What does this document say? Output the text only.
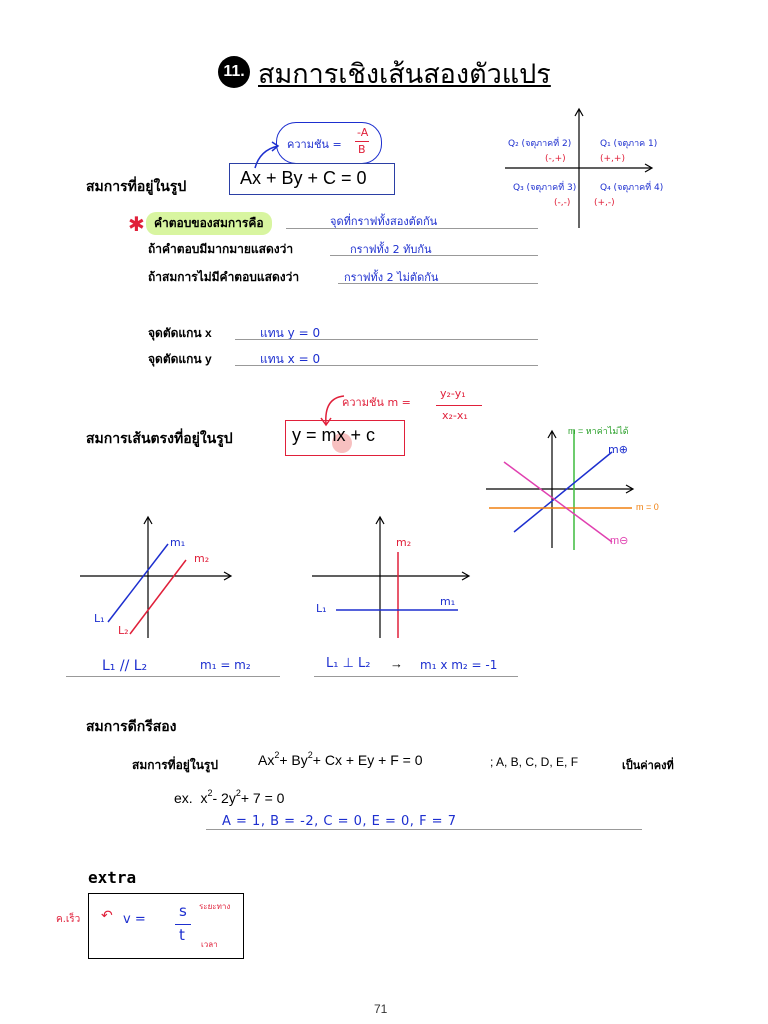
11. สมการเชิงเส้นสองตัวแปร
ความชัน =
-A
B
สมการที่อยู่ในรูป	Ax + By + C = 0
✱ คำตอบของสมการคือ	จุดที่กราฟทั้งสองตัดกัน
ถ้าคำตอบมีมากมายแสดงว่า	กราฟทั้ง 2 ทับกัน
ถ้าสมการไม่มีคำตอบแสดงว่า	กราฟทั้ง 2 ไม่ตัดกัน
จุดตัดแกน x	แทน y = 0
จุดตัดแกน y	แทน x = 0
Q₂ (จตุภาคที่ 2)	Q₁ (จตุภาค 1)
(-,+)	(+,+)
Q₃ (จตุภาคที่ 3)	Q₄ (จตุภาคที่ 4)
(-,-)	(+,-)
ความชัน m =
y₂-y₁
x₂-x₁
สมการเส้นตรงที่อยู่ในรูป	y = mx + c	m = หาค่าไม่ได้
m⊕
m = 0
m⊖
m₁
m₂
L₁
L₂
L₁ // L₂	m₁ = m₂
m₂
m₁
L₁
L₁ ⊥ L₂ → m₁ x m₂ = -1
สมการดีกรีสอง
สมการที่อยู่ในรูป	$Ax^2+ By^2+ Cx + Ey + F = 0$	; A, B, C, D, E, F	เป็นค่าคงที่
ex. $x^2-$ $2y^2+ 7 = 0$
A = 1, B = -2, C = 0, E = 0, F = 7
extra
ค.เร็ว ↶ v = s
t
ระยะทาง
เวลา
71
